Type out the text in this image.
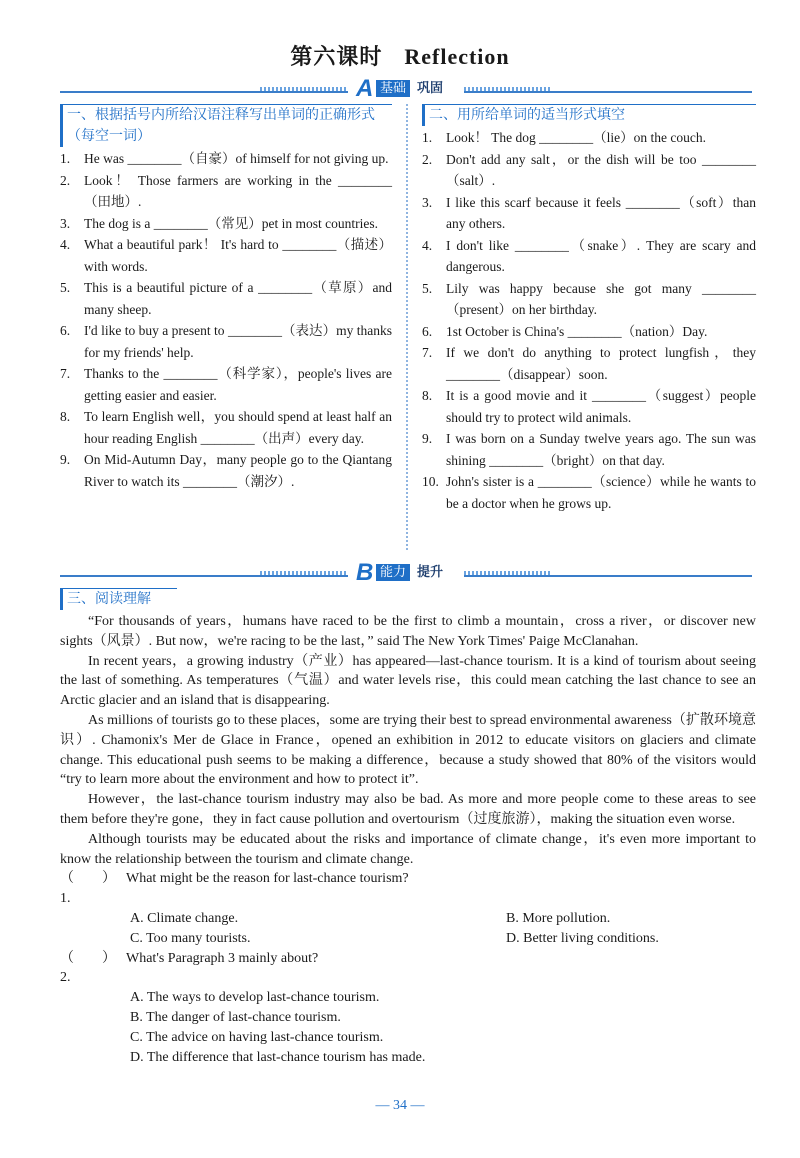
第六课时 Reflection
A 基础 巩固
一、根据括号内所给汉语注释写出单词的正确形式（每空一词）
1.	He was ________（自豪）of himself for not giving up.
2.	Look！ Those farmers are working in the ________（田地）.
3.	The dog is a ________（常见）pet in most countries.
4.	What a beautiful park！ It's hard to ________（描述）with words.
5.	This is a beautiful picture of a ________（草原）and many sheep.
6.	I'd like to buy a present to ________（表达）my thanks for my friends' help.
7.	Thanks to the ________（科学家），people's lives are getting easier and easier.
8.	To learn English well，you should spend at least half an hour reading English ________（出声）every day.
9.	On Mid-Autumn Day，many people go to the Qiantang River to watch its ________（潮汐）.
二、用所给单词的适当形式填空
1.	Look！ The dog ________（lie）on the couch.
2.	Don't add any salt，or the dish will be too ________（salt）.
3.	I like this scarf because it feels ________（soft）than any others.
4.	I don't like ________（snake）. They are scary and dangerous.
5.	Lily was happy because she got many ________（present）on her birthday.
6.	1st October is China's ________（nation）Day.
7.	If we don't do anything to protect lungfish，they ________（disappear）soon.
8.	It is a good movie and it ________（suggest）people should try to protect wild animals.
9.	I was born on a Sunday twelve years ago. The sun was shining ________（bright）on that day.
10. John's sister is a ________（science）while he wants to be a doctor when he grows up.
B 能力 提升
三、阅读理解

“For thousands of years，humans have raced to be the first to climb a mountain，cross a river，or discover new sights（风景）. But now，we're racing to be the last，” said The New York Times' Paige McClanahan.

In recent years，a growing industry（产业）has appeared—last-chance tourism. It is a kind of tourism about seeing the last of something. As temperatures（气温）and water levels rise，this could mean catching the last chance to see an Arctic glacier and an island that is disappearing.

As millions of tourists go to these places，some are trying their best to spread environmental awareness（扩散环境意识）. Chamonix's Mer de Glace in France，opened an exhibition in 2012 to educate visitors on glaciers and climate change. This educational push seems to be making a difference，because a study showed that 80% of the visitors would “try to learn more about the environment and how to protect it”.

However，the last-chance tourism industry may also be bad. As more and more people come to these areas to see them before they're gone，they in fact cause pollution and overtourism（过度旅游），making the situation even worse.

Although tourists may be educated about the risks and importance of climate change，it's even more important to know the relationship between the tourism and climate change.

（　　）1.
What might be the reason for last-chance tourism?
A. Climate change.	B. More pollution.
C. Too many tourists.	D. Better living conditions.
（　　）2.
What's Paragraph 3 mainly about?
A. The ways to develop last-chance tourism.
B. The danger of last-chance tourism.
C. The advice on having last-chance tourism.
D. The difference that last-chance tourism has made.
— 34 —
